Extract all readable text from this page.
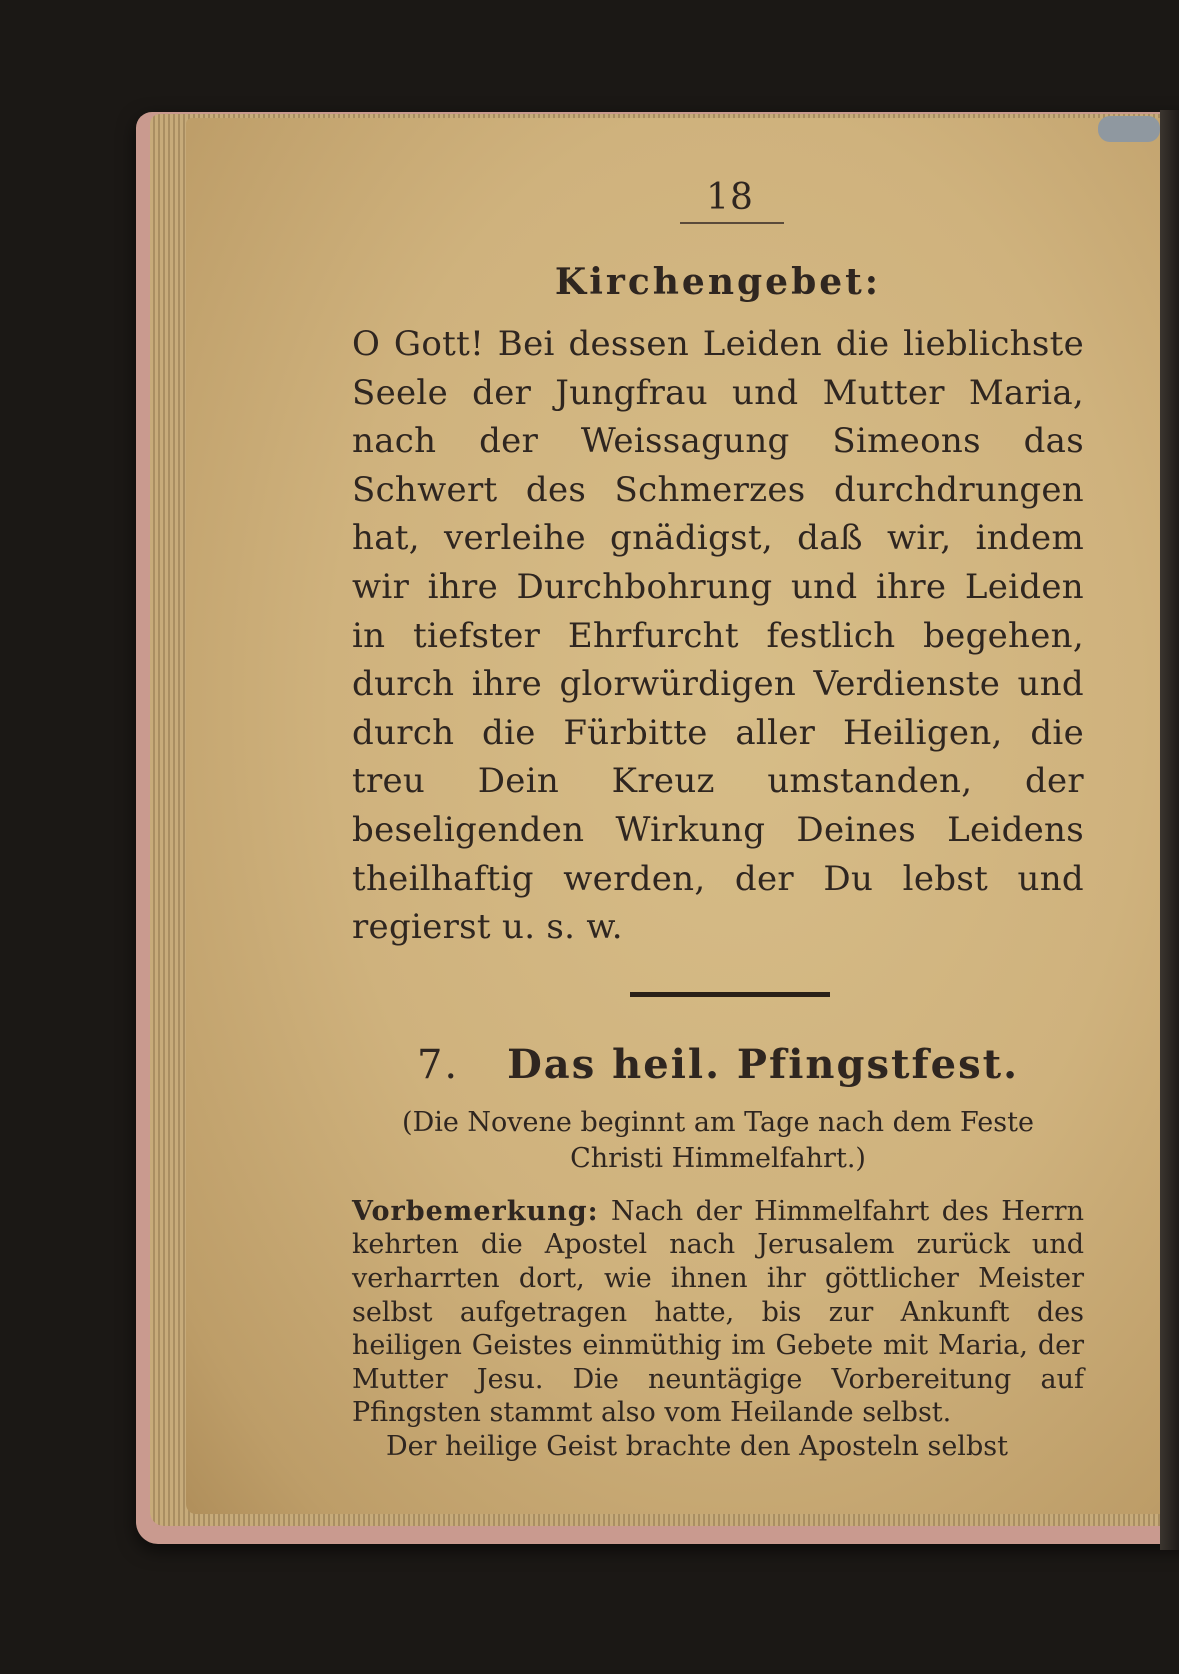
18
Kirchengebet:
O Gott! Bei dessen Leiden die lieblichste Seele der Jungfrau und Mutter Maria, nach der Weissagung Simeons das Schwert des Schmerzes durchdrungen hat, verleihe gnädigst, daß wir, indem wir ihre Durchbohrung und ihre Leiden in tiefster Ehrfurcht festlich begehen, durch ihre glorwürdigen Verdienste und durch die Fürbitte aller Heiligen, die treu Dein Kreuz umstanden, der beseligenden Wirkung Deines Leidens theilhaftig werden, der Du lebst und regierst u. s. w.
7. Das heil. Pfingstfest.
(Die Novene beginnt am Tage nach dem Feste Christi Himmelfahrt.)
Vorbemerkung: Nach der Himmelfahrt des Herrn kehrten die Apostel nach Jerusalem zurück und verharrten dort, wie ihnen ihr göttlicher Meister selbst aufgetragen hatte, bis zur Ankunft des heiligen Geistes einmüthig im Gebete mit Maria, der Mutter Jesu. Die neuntägige Vorbereitung auf Pfingsten stammt also vom Heilande selbst.
Der heilige Geist brachte den Aposteln selbst
